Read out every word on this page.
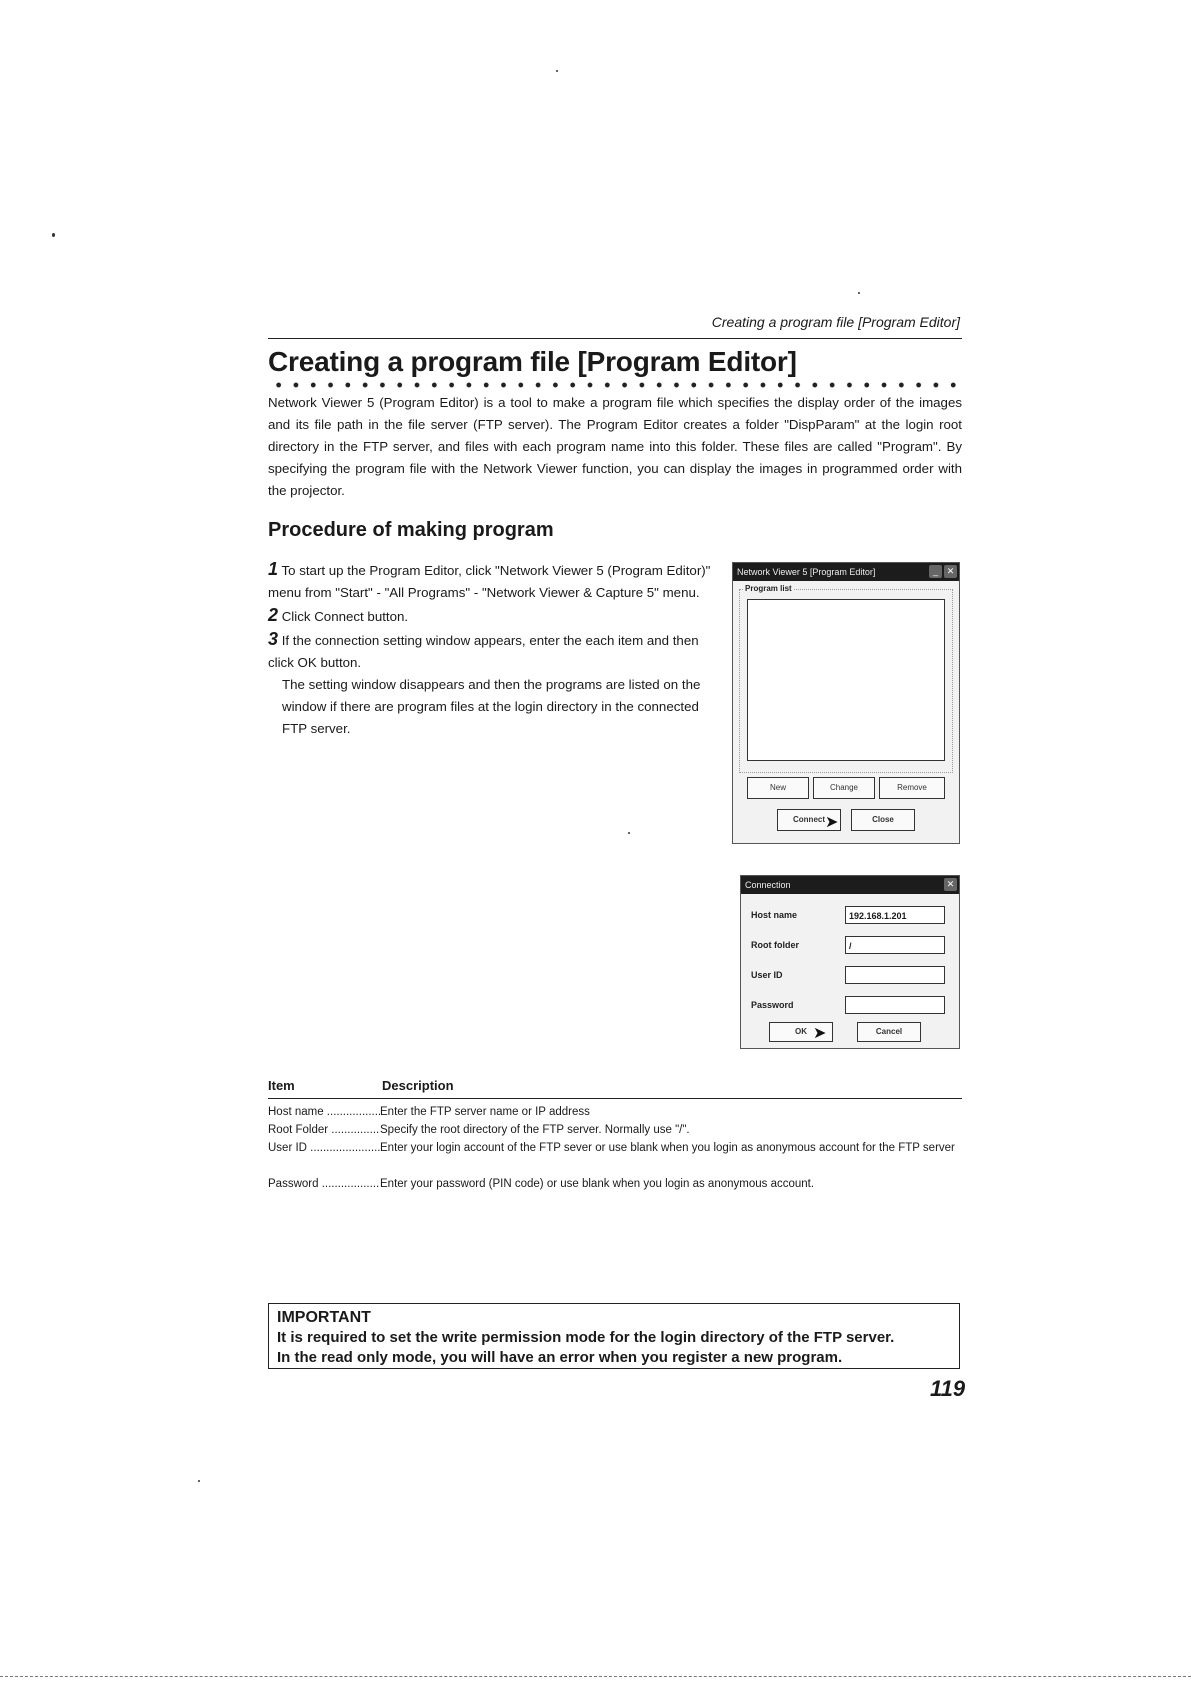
Creating a program file [Program Editor]
Creating a program file [Program Editor]
Network Viewer 5 (Program Editor) is a tool to make a program file which specifies the display order of the images and its file path in the file server (FTP server). The Program Editor creates a folder "DispParam" at the login root directory in the FTP server, and files with each program name into this folder. These files are called "Program". By specifying the program file with the Network Viewer function, you can display the images in programmed order with the projector.
Procedure of making program

1 To start up the Program Editor, click "Network Viewer 5 (Program Editor)" menu from "Start" - "All Programs" - "Network Viewer & Capture 5" menu.

2 Click Connect button.

3 If the connection setting window appears, enter the each item and then click OK button.

The setting window disappears and then the programs are listed on the window if there are program files at the login directory in the connected FTP server.

Network Viewer 5 [Program Editor]	_ ✕
Program list
New	Change	Remove
Connect	Close
➤
Connection	✕
Host name	192.168.1.201
Root folder	/
User ID
Password
OK	Cancel
➤
Item	Description
Host name .....	Enter the FTP server name or IP address
Root Folder .....	Specify the root directory of the FTP server. Normally use "/".
User ID .....	Enter your login account of the FTP sever or use blank when you login as anonymous account for the FTP server
Password .....	Enter your password (PIN code) or use blank when you login as anonymous account.
IMPORTANT
It is required to set the write permission mode for the login directory of the FTP server.
In the read only mode, you will have an error when you register a new program.
119
